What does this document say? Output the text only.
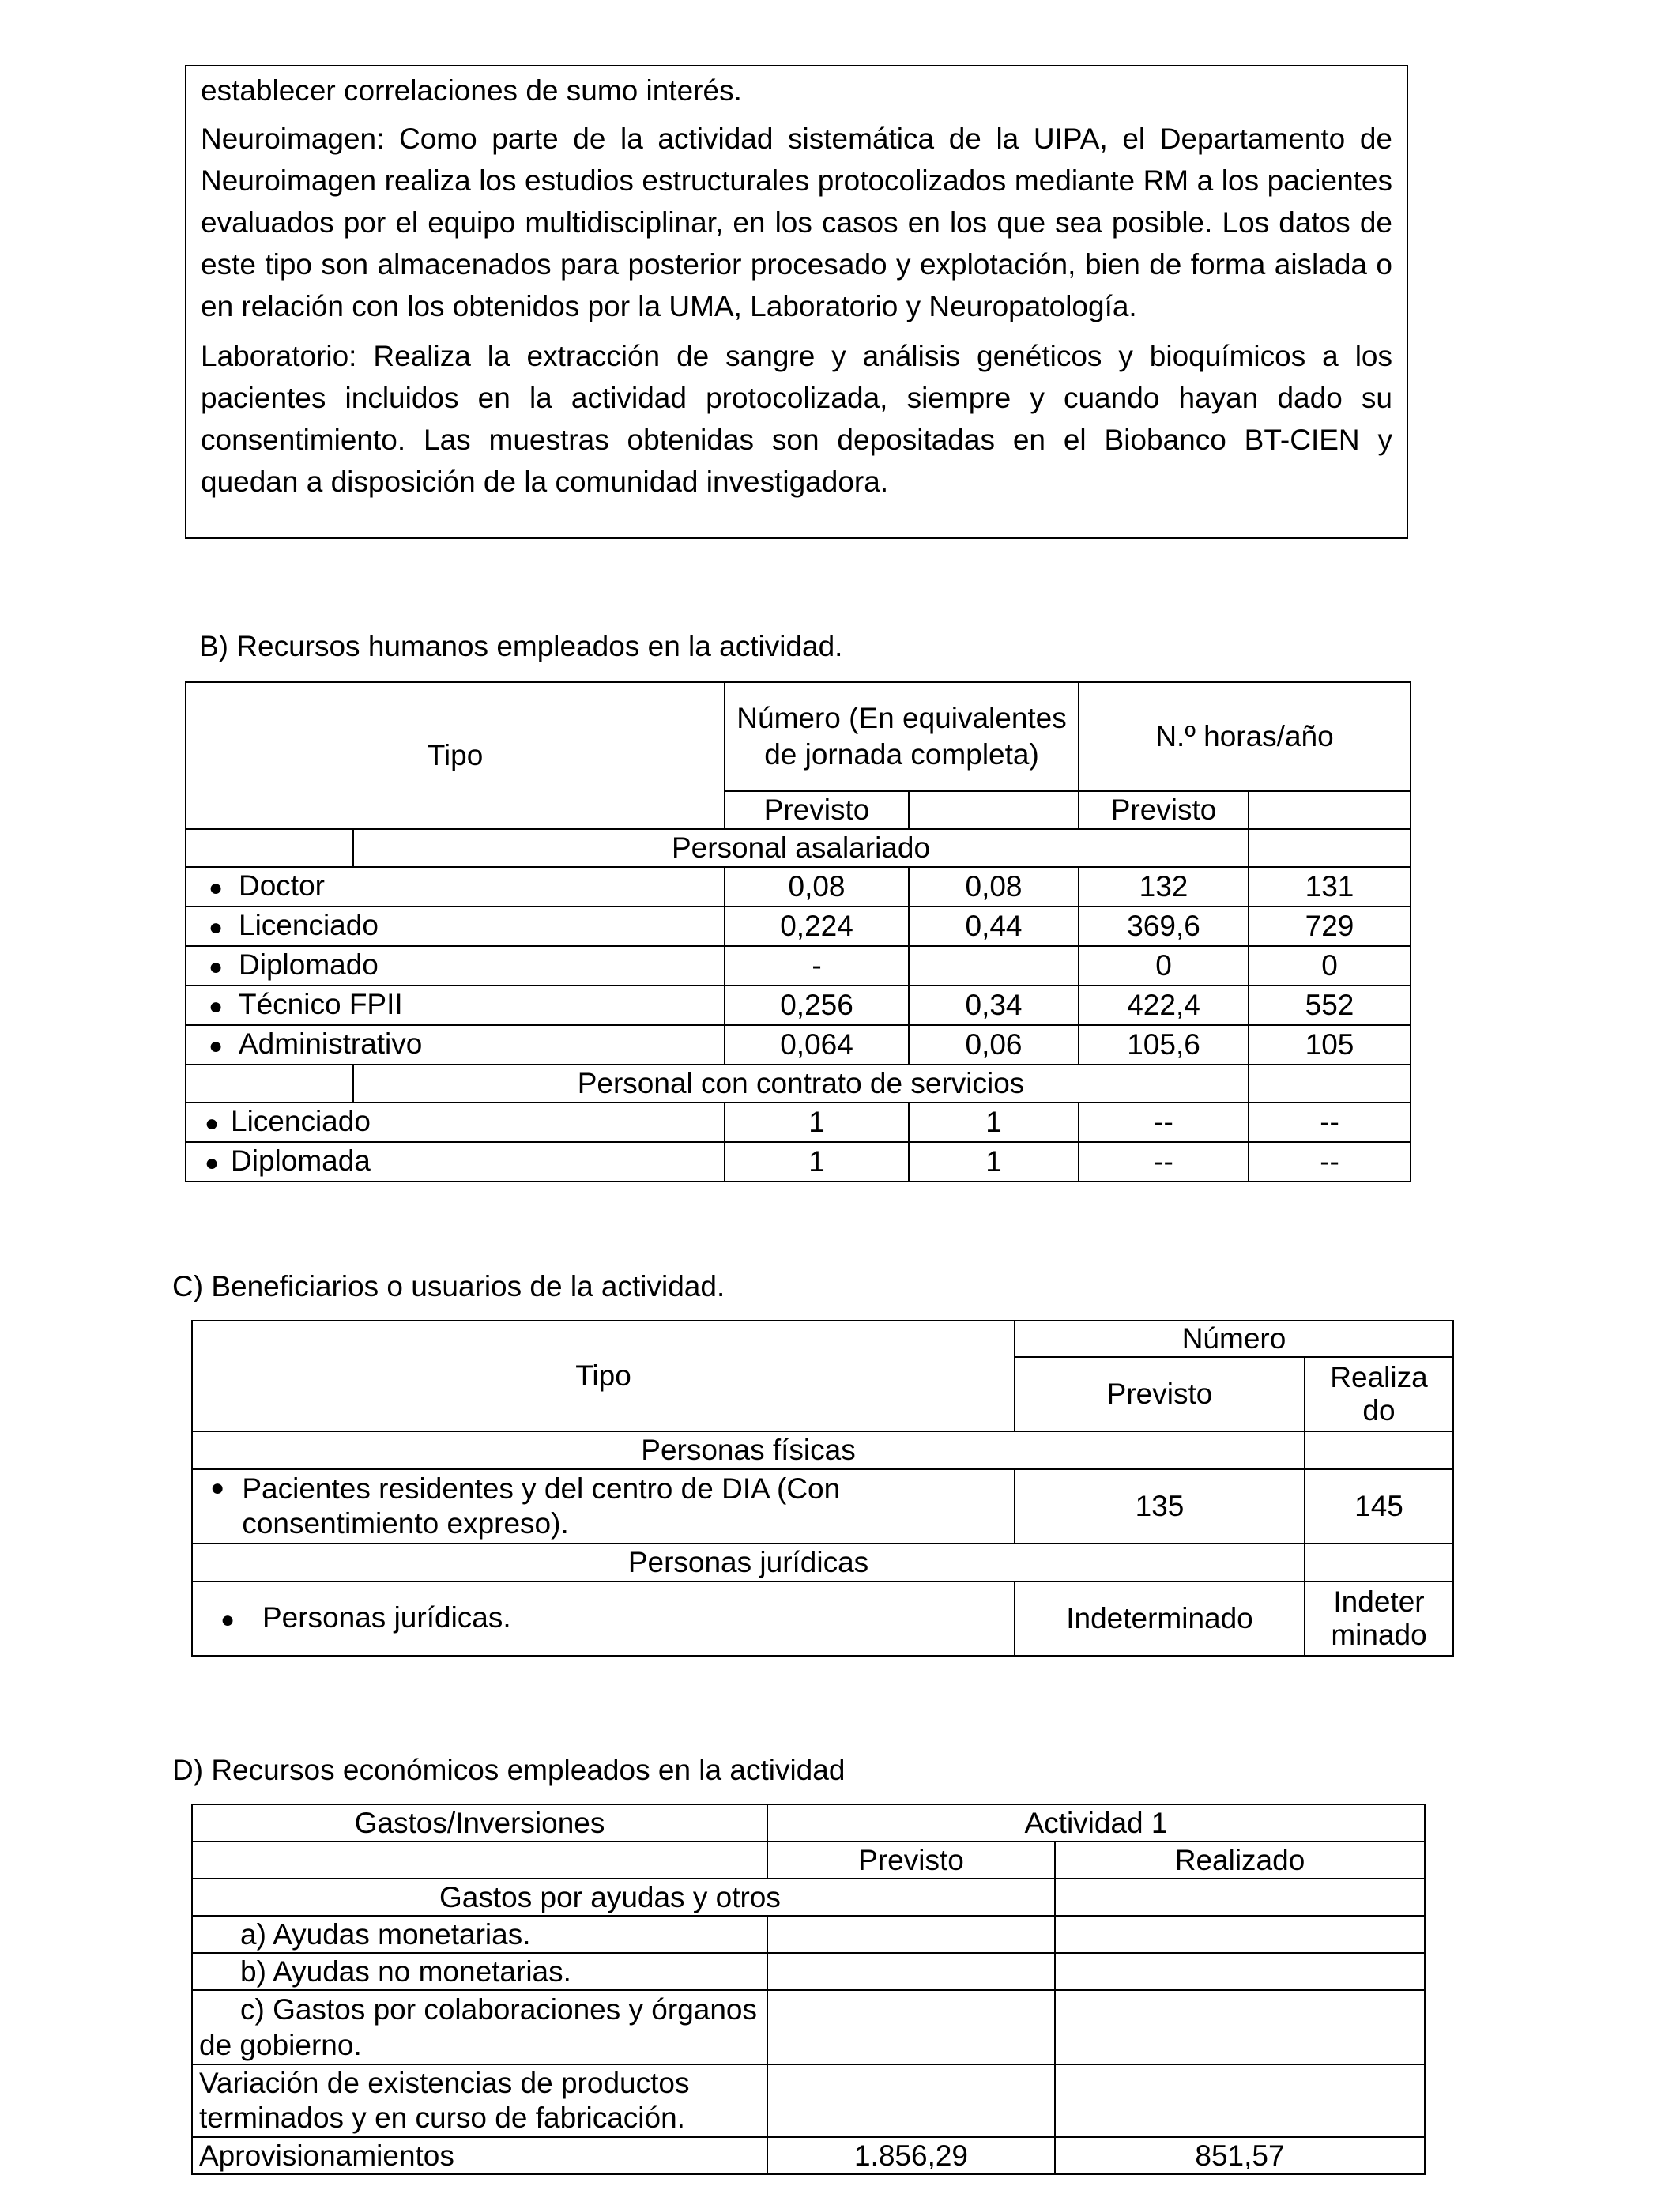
establecer correlaciones de sumo interés.

Neuroimagen: Como parte de la actividad sistemática de la UIPA, el Departamento de Neuroimagen realiza los estudios estructurales protocolizados mediante RM a los pacientes evaluados por el equipo multidisciplinar, en los casos en los que sea posible. Los datos de este tipo son almacenados para posterior procesado y explotación, bien de forma aislada o en relación con los obtenidos por la UMA, Laboratorio y Neuropatología.

Laboratorio: Realiza la extracción de sangre y análisis genéticos y bioquímicos a los pacientes incluidos en la actividad protocolizada, siempre y cuando hayan dado su consentimiento. Las muestras obtenidas son depositadas en el Biobanco BT-CIEN y quedan a disposición de la comunidad investigadora.

B) Recursos humanos empleados en la actividad.
Tipo		Número (En equivalentes de jornada completa)		N.º horas/año	
		Previsto		Previsto	
	Personal asalariado				
● Doctor		0,08	0,08	132	131
● Licenciado		0,224	0,44	369,6	729
● Diplomado		-		0	0
● Técnico FPII		0,256	0,34	422,4	552
● Administrativo		0,064	0,06	105,6	105
	Personal con contrato de servicios				
● Licenciado		1	1	--	--
● Diplomada		1	1	--	--
C) Beneficiarios o usuarios de la actividad.
Tipo	Número	
	Previsto	Realiza do
Personas físicas		

● Pacientes residentes y del centro de DIA (Con consentimiento expreso).	135	145
Personas jurídicas		
● Personas jurídicas.	Indeterminado	Indeter minado
D) Recursos económicos empleados en la actividad
Gastos/Inversiones	Actividad 1	
	Previsto	Realizado
Gastos por ayudas y otros		
a) Ayudas monetarias.		
b) Ayudas no monetarias.		
c) Gastos por colaboraciones y órganos de gobierno.		
Variación de existencias de productos terminados y en curso de fabricación.		
Aprovisionamientos	1.856,29	851,57
